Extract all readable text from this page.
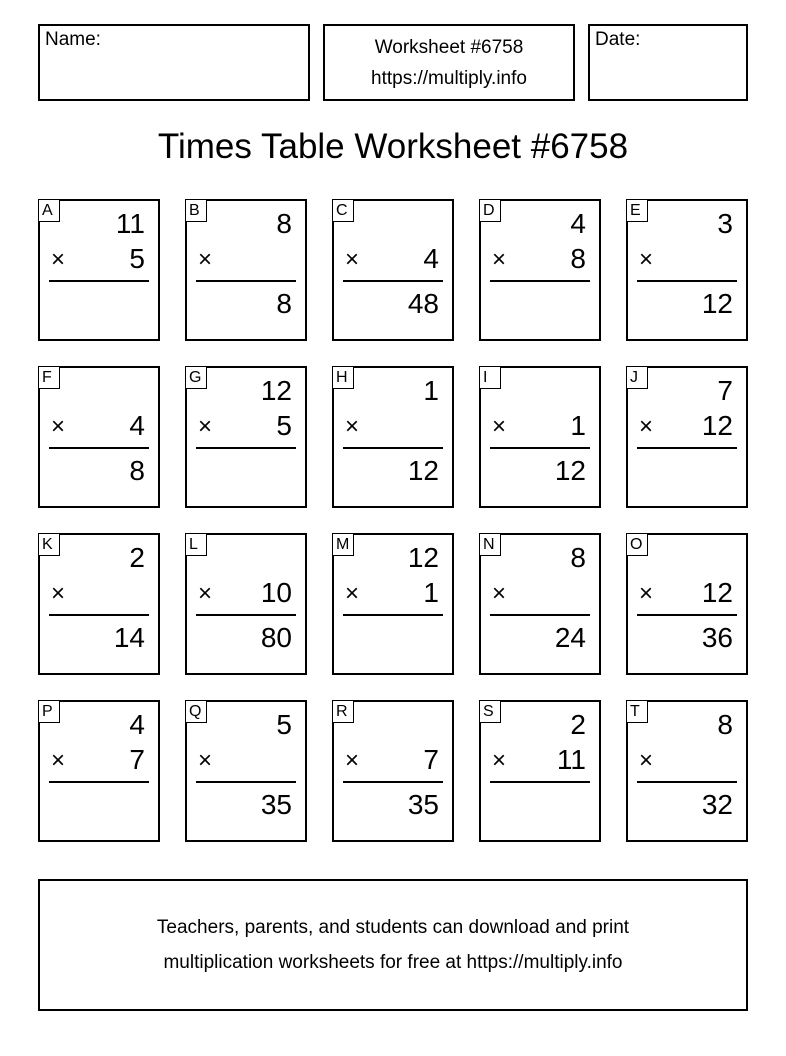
Name:	Worksheet #6758
https://multiply.info
Date:
Times Table Worksheet #6758
A 11
× 5
B	8
×
8
C
× 4
48
D	4
× 8
E	3
×
12
F
× 4
8
G 12
× 5
H	1
×
12
I
× 1
12
J	7
× 12
K	2
×
14
L
× 10
80
M 12
× 1
N	8
×
24
O
× 12
36
P	4
× 7
Q	5
×
35
R
× 7
35
S	2
× 11
T	8
×
32
Teachers, parents, and students can download and print
multiplication worksheets for free at https://multiply.info
